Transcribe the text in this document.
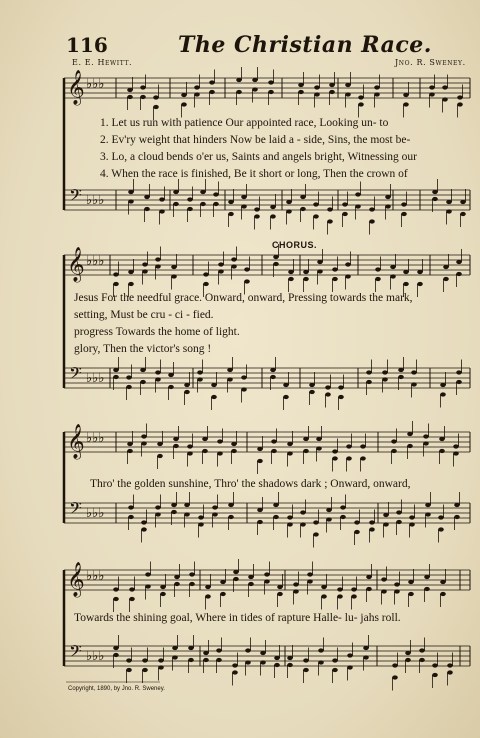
116	The Christian Race.
E. E. Hewitt.	Jno. R. Sweney.
𝄞
𝄢
♭♭♭
♭♭♭
𝄞
𝄢
♭♭♭
♭♭♭
𝄞
𝄢
♭♭♭
♭♭♭
𝄞
𝄢
♭♭♭
♭♭♭
1. Let us run with patience Our appointed race, Looking un- to
2. Ev'ry weight that hinders Now be laid a - side, Sins, the most be-
3. Lo, a cloud bends o'er us, Saints and angels bright, Witnessing our
4. When the race is finished, Be it short or long, Then the crown of
CHORUS.
Jesus For the needful grace. Onward, onward, Pressing towards the mark,
setting, Must be cru - ci - fied.
progress Towards the home of light.
glory, Then the victor's song !
Thro' the golden sunshine, Thro' the shadows dark ; Onward, onward,
Towards the shining goal, Where in tides of rapture Halle- lu- jahs roll.
Copyright, 1890, by Jno. R. Sweney.
